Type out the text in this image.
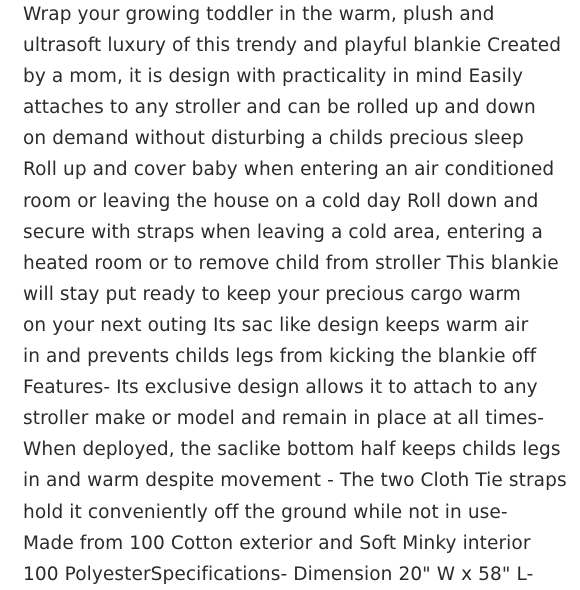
Wrap your growing toddler in the warm, plush and
ultrasoft luxury of this trendy and playful blankie Created
by a mom, it is design with practicality in mind Easily
attaches to any stroller and can be rolled up and down
on demand without disturbing a childs precious sleep
Roll up and cover baby when entering an air conditioned
room or leaving the house on a cold day Roll down and
secure with straps when leaving a cold area, entering a
heated room or to remove child from stroller This blankie
will stay put ready to keep your precious cargo warm
on your next outing Its sac like design keeps warm air
in and prevents childs legs from kicking the blankie off
Features- Its exclusive design allows it to attach to any
stroller make or model and remain in place at all times-
When deployed, the saclike bottom half keeps childs legs
in and warm despite movement - The two Cloth Tie straps
hold it conveniently off the ground while not in use-
Made from 100 Cotton exterior and Soft Minky interior
100 PolyesterSpecifications- Dimension 20" W x 58" L-
